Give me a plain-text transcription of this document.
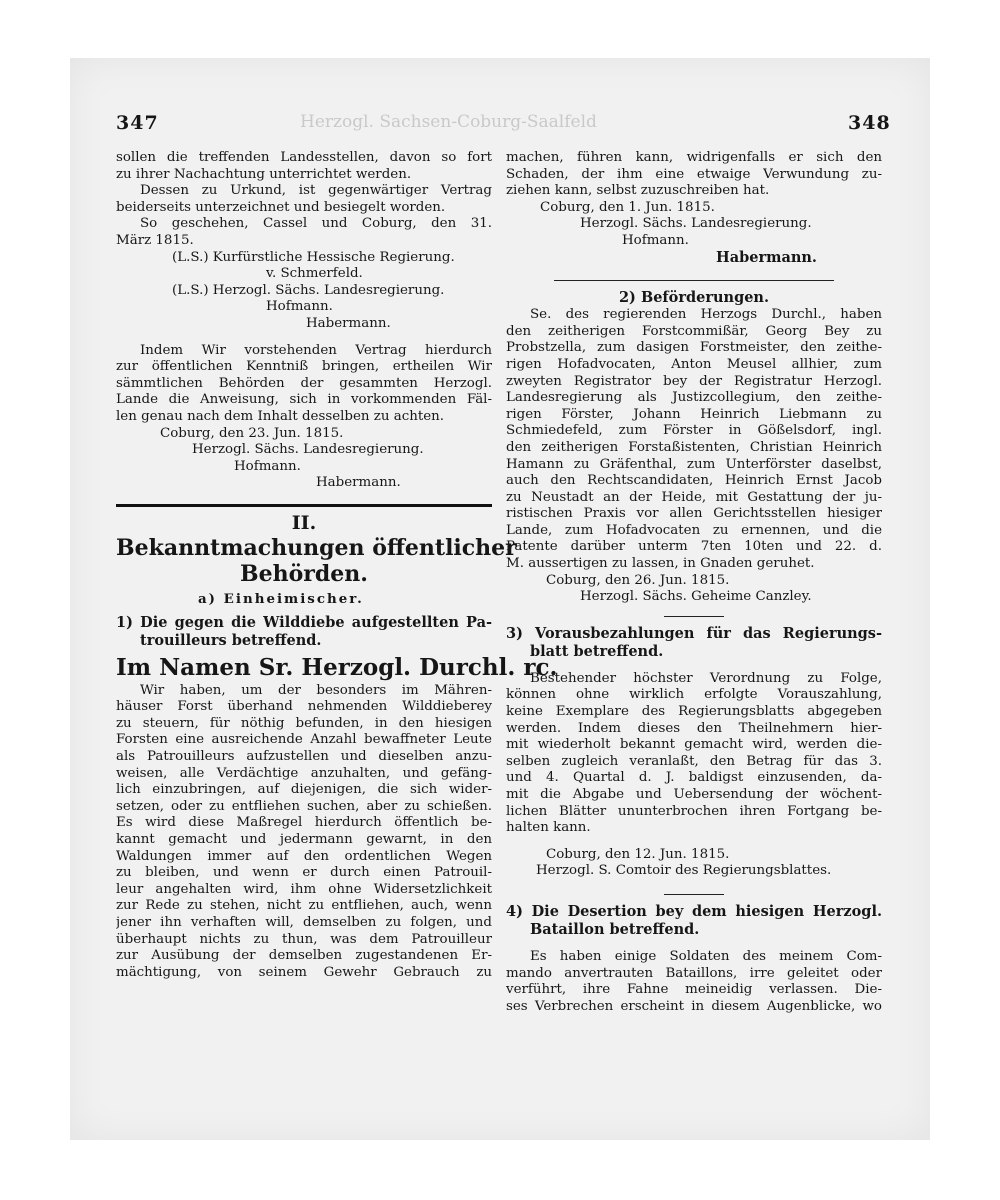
347	Herzogl. Sachsen-Coburg-Saalfeld	348
sollen die treffenden Landesstellen, davon so fort
zu ihrer Nachachtung unterrichtet werden.
Dessen zu Urkund, ist gegenwärtiger Vertrag
beiderseits unterzeichnet und besiegelt worden.
So geschehen, Cassel und Coburg, den 31.
März 1815.
(L.S.) Kurfürstliche Hessische Regierung.
v. Schmerfeld.
(L.S.) Herzogl. Sächs. Landesregierung.
Hofmann.
Habermann.
Indem Wir vorstehenden Vertrag hierdurch
zur öffentlichen Kenntniß bringen, ertheilen Wir
sämmtlichen Behörden der gesammten Herzogl.
Lande die Anweisung, sich in vorkommenden Fäl-
len genau nach dem Inhalt desselben zu achten.
Coburg, den 23. Jun. 1815.
Herzogl. Sächs. Landesregierung.
Hofmann.
Habermann.
II.
Bekanntmachungen öffentlicher
Behörden.
a) Einheimischer.
1) Die gegen die Wilddiebe aufgestellten Pa-
trouilleurs betreffend.
Im Namen Sr. Herzogl. Durchl. rc.
Wir haben, um der besonders im Mähren-
häuser Forst überhand nehmenden Wilddieberey
zu steuern, für nöthig befunden, in den hiesigen
Forsten eine ausreichende Anzahl bewaffneter Leute
als Patrouilleurs aufzustellen und dieselben anzu-
weisen, alle Verdächtige anzuhalten, und gefäng-
lich einzubringen, auf diejenigen, die sich wider-
setzen, oder zu entfliehen suchen, aber zu schießen.
Es wird diese Maßregel hierdurch öffentlich be-
kannt gemacht und jedermann gewarnt, in den
Waldungen immer auf den ordentlichen Wegen
zu bleiben, und wenn er durch einen Patrouil-
leur angehalten wird, ihm ohne Widersetzlichkeit
zur Rede zu stehen, nicht zu entfliehen, auch, wenn
jener ihn verhaften will, demselben zu folgen, und
überhaupt nichts zu thun, was dem Patrouilleur
zur Ausübung der demselben zugestandenen Er-
mächtigung, von seinem Gewehr Gebrauch zu
machen, führen kann, widrigenfalls er sich den
Schaden, der ihm eine etwaige Verwundung zu-
ziehen kann, selbst zuzuschreiben hat.
Coburg, den 1. Jun. 1815.
Herzogl. Sächs. Landesregierung.
Hofmann.
Habermann.
2) Beförderungen.
Se. des regierenden Herzogs Durchl., haben
den zeitherigen Forstcommißär, Georg Bey zu
Probstzella, zum dasigen Forstmeister, den zeithe-
rigen Hofadvocaten, Anton Meusel allhier, zum
zweyten Registrator bey der Registratur Herzogl.
Landesregierung als Justizcollegium, den zeithe-
rigen Förster, Johann Heinrich Liebmann zu
Schmiedefeld, zum Förster in Gößelsdorf, ingl.
den zeitherigen Forstaßistenten, Christian Heinrich
Hamann zu Gräfenthal, zum Unterförster daselbst,
auch den Rechtscandidaten, Heinrich Ernst Jacob
zu Neustadt an der Heide, mit Gestattung der ju-
ristischen Praxis vor allen Gerichtsstellen hiesiger
Lande, zum Hofadvocaten zu ernennen, und die
Patente darüber unterm 7ten 10ten und 22. d.
M. aussertigen zu lassen, in Gnaden geruhet.
Coburg, den 26. Jun. 1815.
Herzogl. Sächs. Geheime Canzley.
3) Vorausbezahlungen für das Regierungs-
blatt betreffend.
Bestehender höchster Verordnung zu Folge,
können ohne wirklich erfolgte Vorauszahlung,
keine Exemplare des Regierungsblatts abgegeben
werden. Indem dieses den Theilnehmern hier-
mit wiederholt bekannt gemacht wird, werden die-
selben zugleich veranlaßt, den Betrag für das 3.
und 4. Quartal d. J. baldigst einzusenden, da-
mit die Abgabe und Uebersendung der wöchent-
lichen Blätter ununterbrochen ihren Fortgang be-
halten kann.
Coburg, den 12. Jun. 1815.
Herzogl. S. Comtoir des Regierungsblattes.
4) Die Desertion bey dem hiesigen Herzogl.
Bataillon betreffend.
Es haben einige Soldaten des meinem Com-
mando anvertrauten Bataillons, irre geleitet oder
verführt, ihre Fahne meineidig verlassen. Die-
ses Verbrechen erscheint in diesem Augenblicke, wo
